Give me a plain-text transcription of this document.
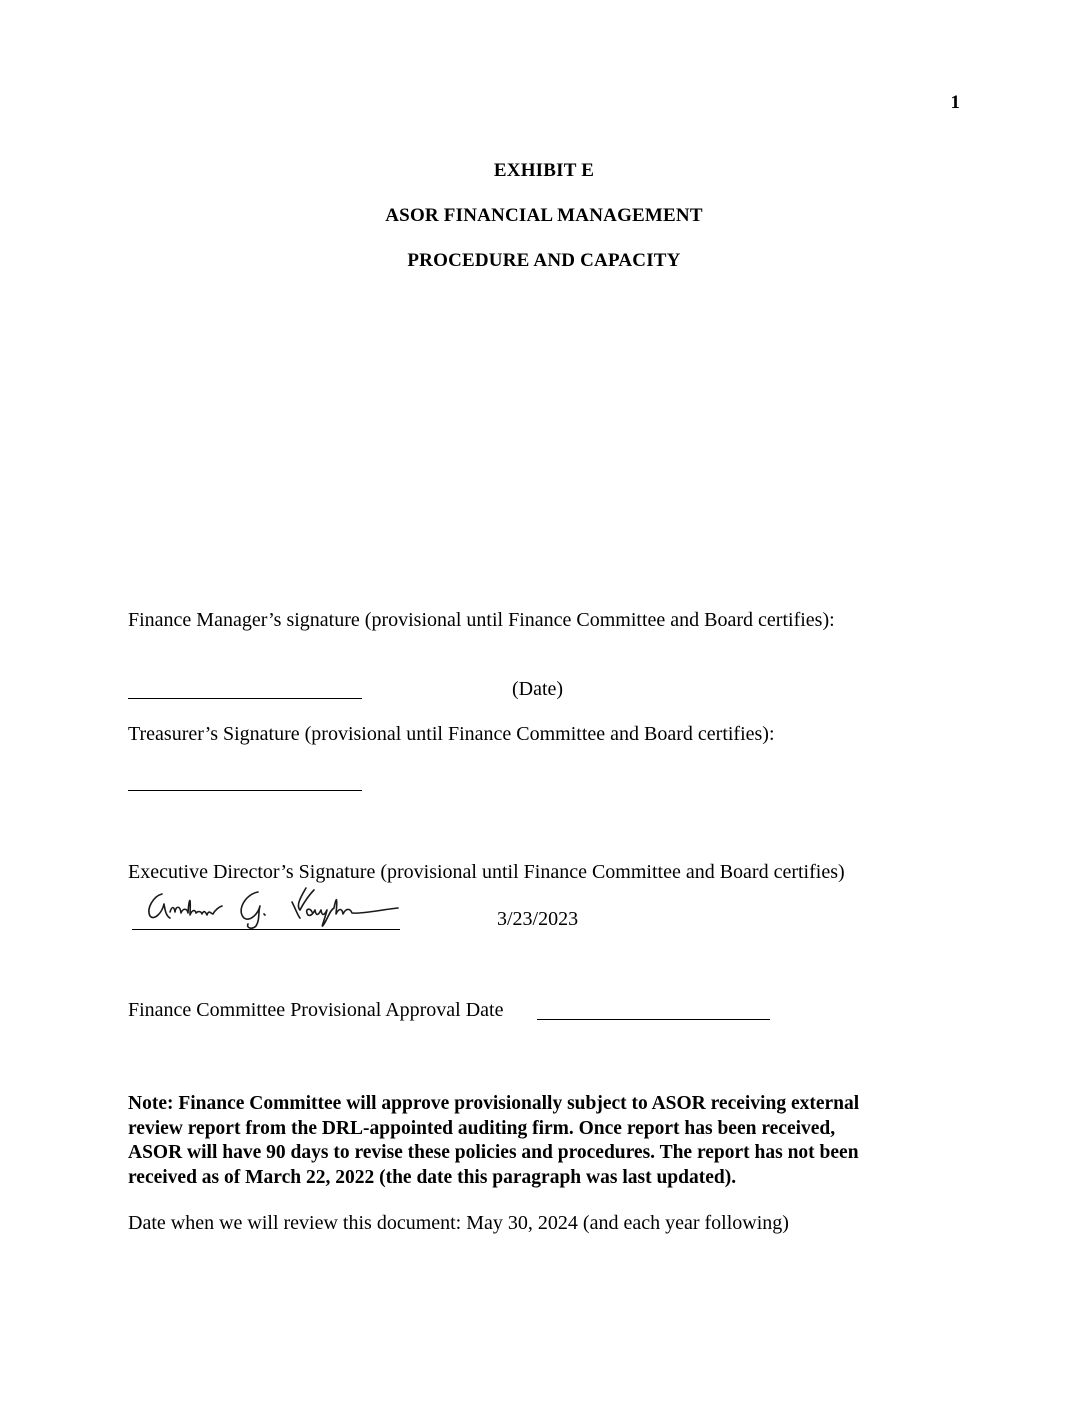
1
EXHIBIT E
ASOR FINANCIAL MANAGEMENT
PROCEDURE AND CAPACITY
Finance Manager’s signature (provisional until Finance Committee and Board certifies):
(Date)
Treasurer’s Signature (provisional until Finance Committee and Board certifies):
Executive Director’s Signature (provisional until Finance Committee and Board certifies)
3/23/2023
Finance Committee Provisional Approval Date
Note: Finance Committee will approve provisionally subject to ASOR receiving external
review report from the DRL-appointed auditing firm. Once report has been received,
ASOR will have 90 days to revise these policies and procedures. The report has not been
received as of March 22, 2022 (the date this paragraph was last updated).
Date when we will review this document: May 30, 2024 (and each year following)
